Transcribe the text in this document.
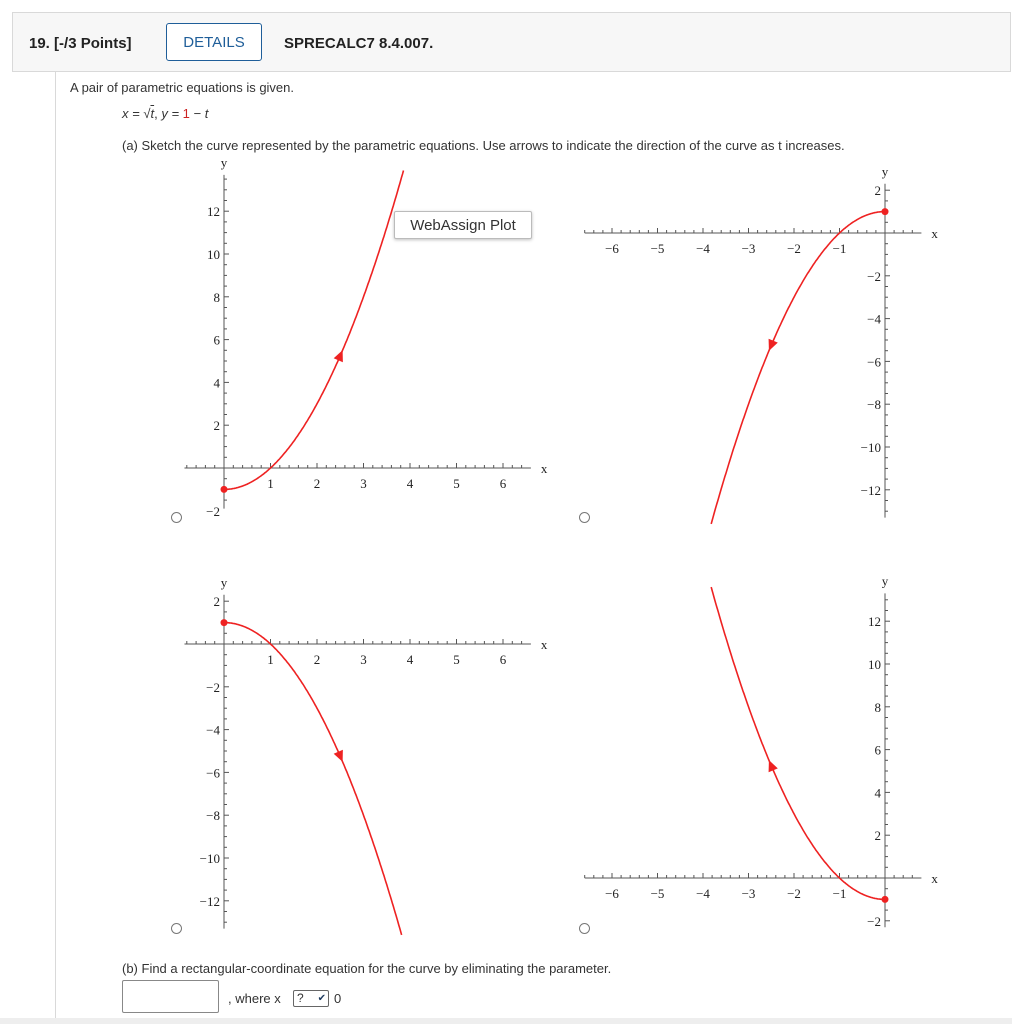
19. [-/3 Points]	DETAILS	SPRECALC7 8.4.007.
A pair of parametric equations is given.
x = √t, y = 1 − t
(a) Sketch the curve represented by the parametric equations. Use arrows to indicate the direction of the curve as t increases.
1	2	3	4	5	6
12
10
8
6
4
2
−2
x
y
−6 −5 −4 −3 −2 −1
2
−2
−4
−6
−8
−10
−12
x
y
1	2	3	4	5	6
2
−2
−4
−6
−8
−10
−12
x
y
−6 −5 −4 −3 −2 −1
12
10
8
6
4
2
−2
x
y
WebAssign Plot
(b) Find a rectangular-coordinate equation for the curve by eliminating the parameter.
, where x	? ✔ 0
